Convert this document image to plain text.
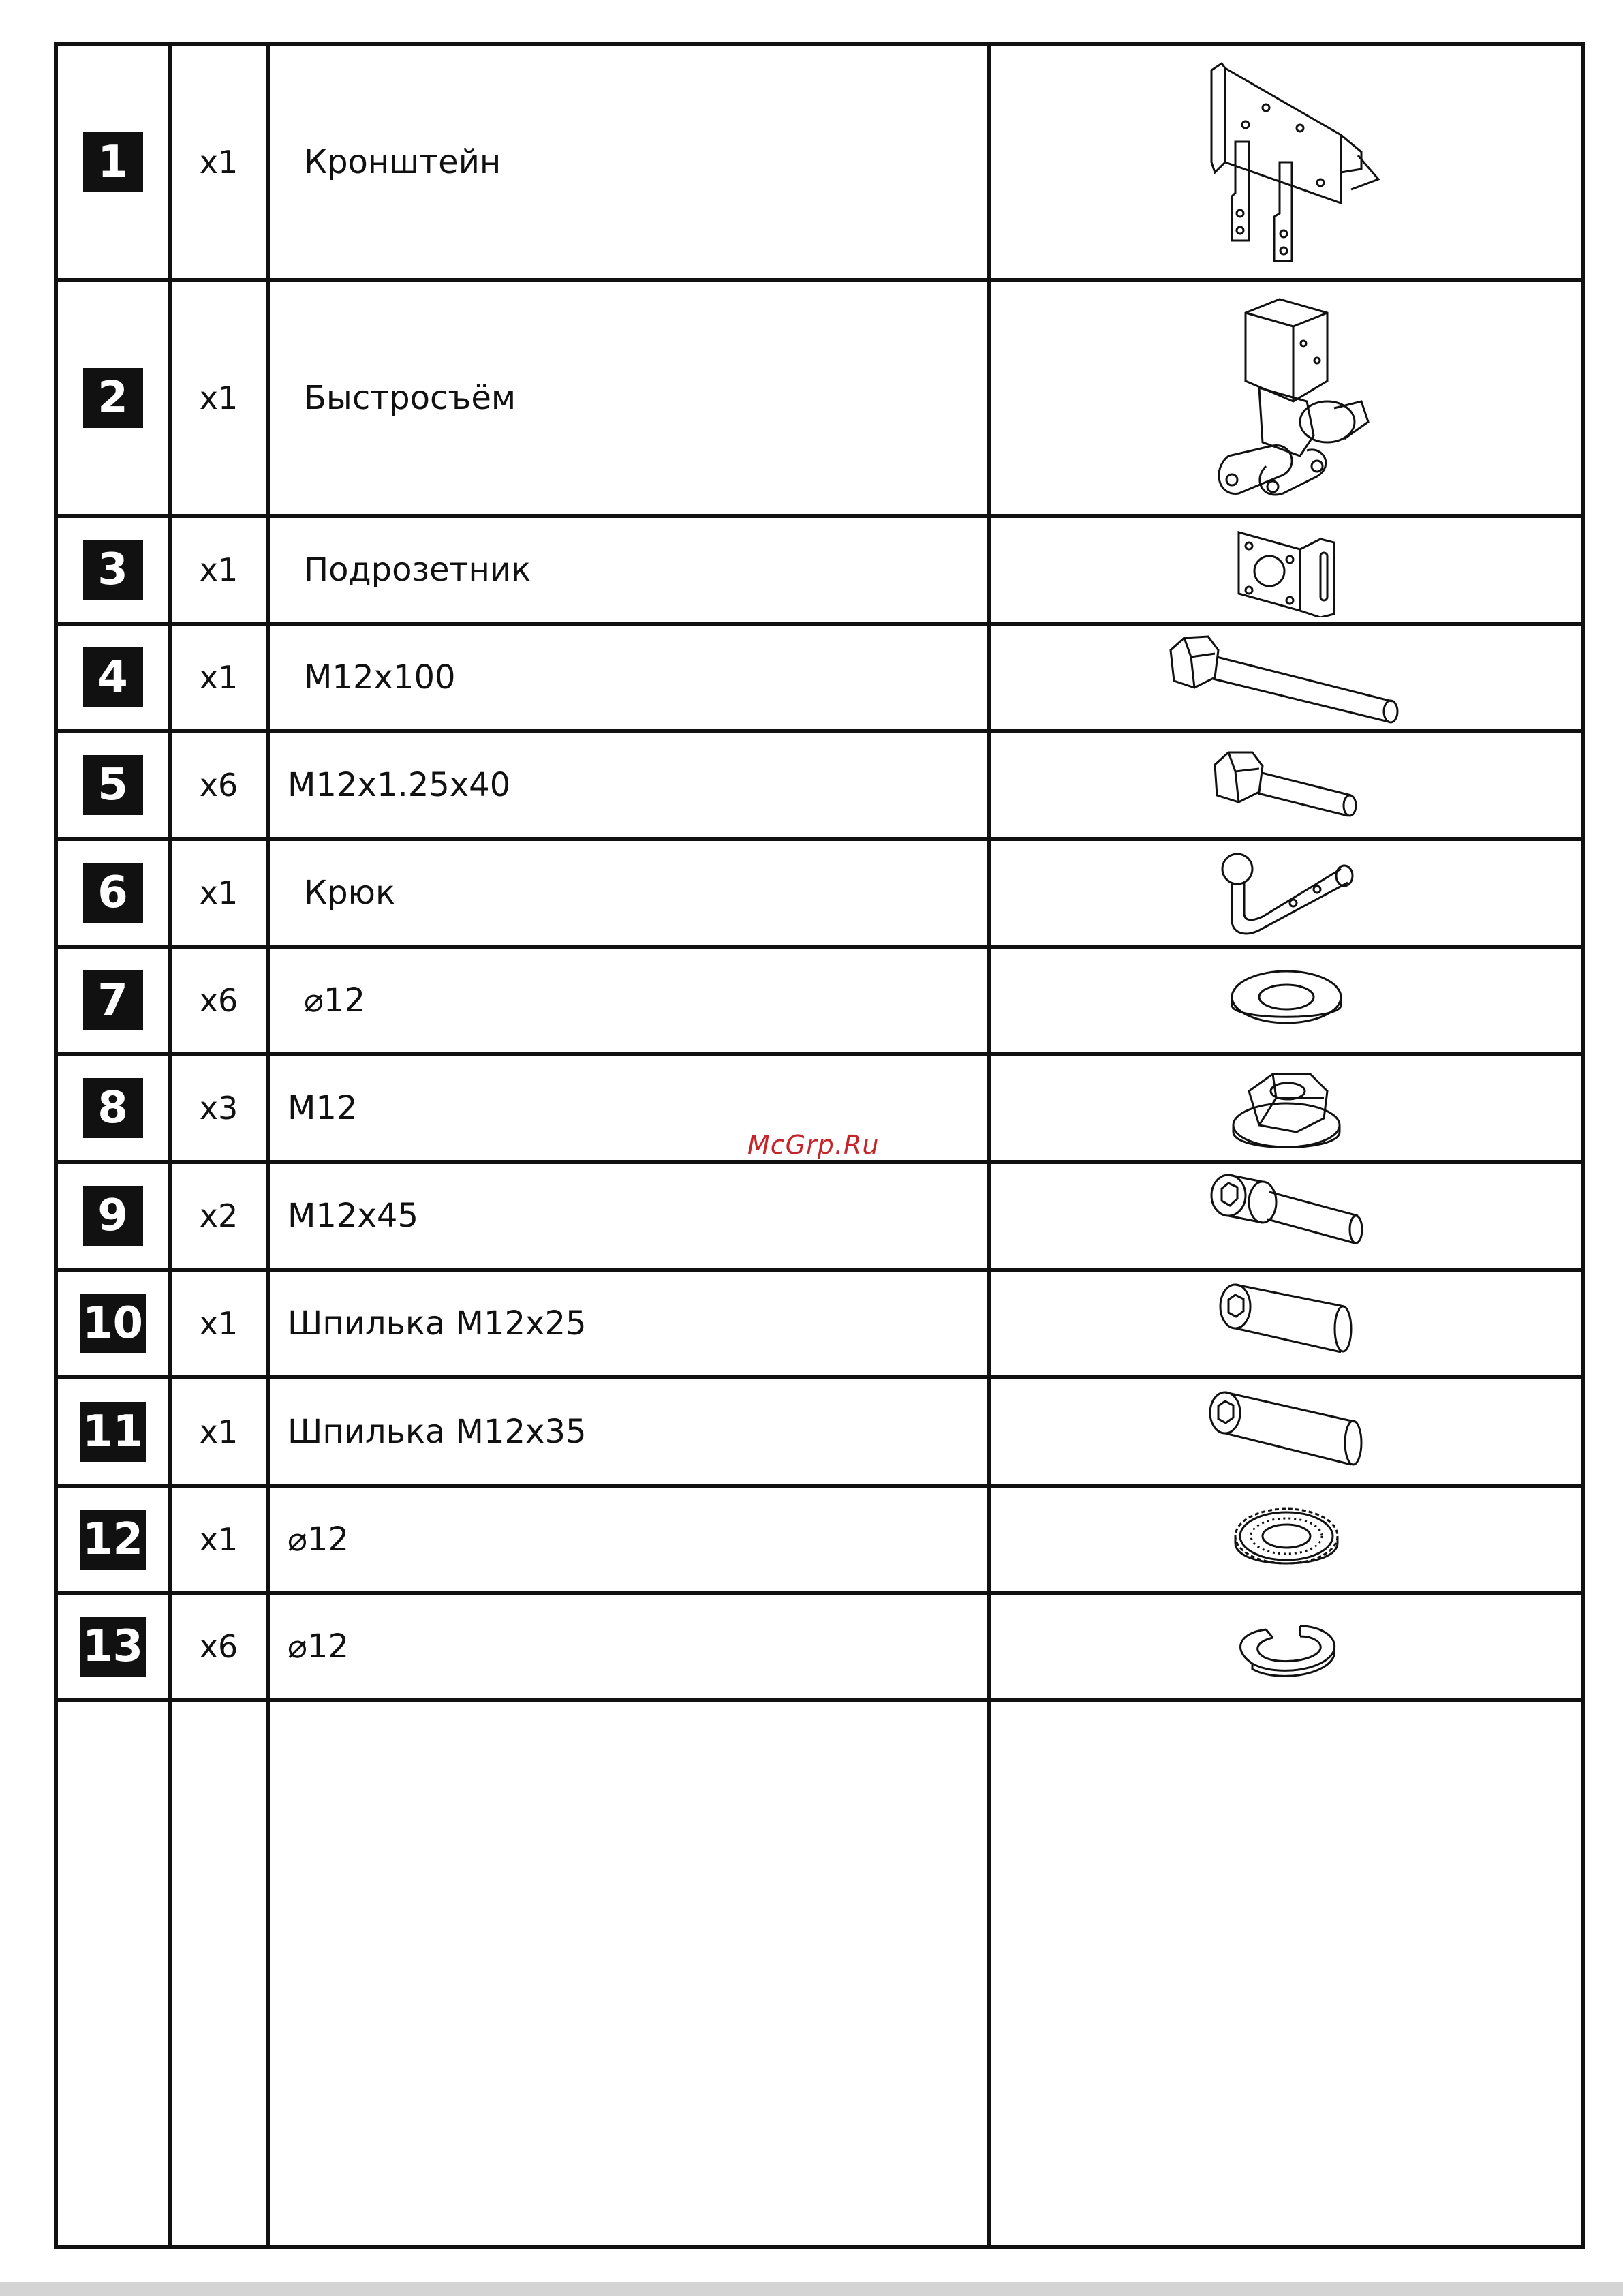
1	x1	Кронштейн
2	x1	Быстросъём
3	x1	Подрозетник
4	x1	M12x100
5	x6	M12x1.25x40
6	x1	Крюк
7	x6	⌀12
8	x3	M12
9	x2	M12x45
10	x1	Шпилька M12x25
11	x1	Шпилька M12x35
12	x1	⌀12
13	x6	⌀12
McGrp.Ru
